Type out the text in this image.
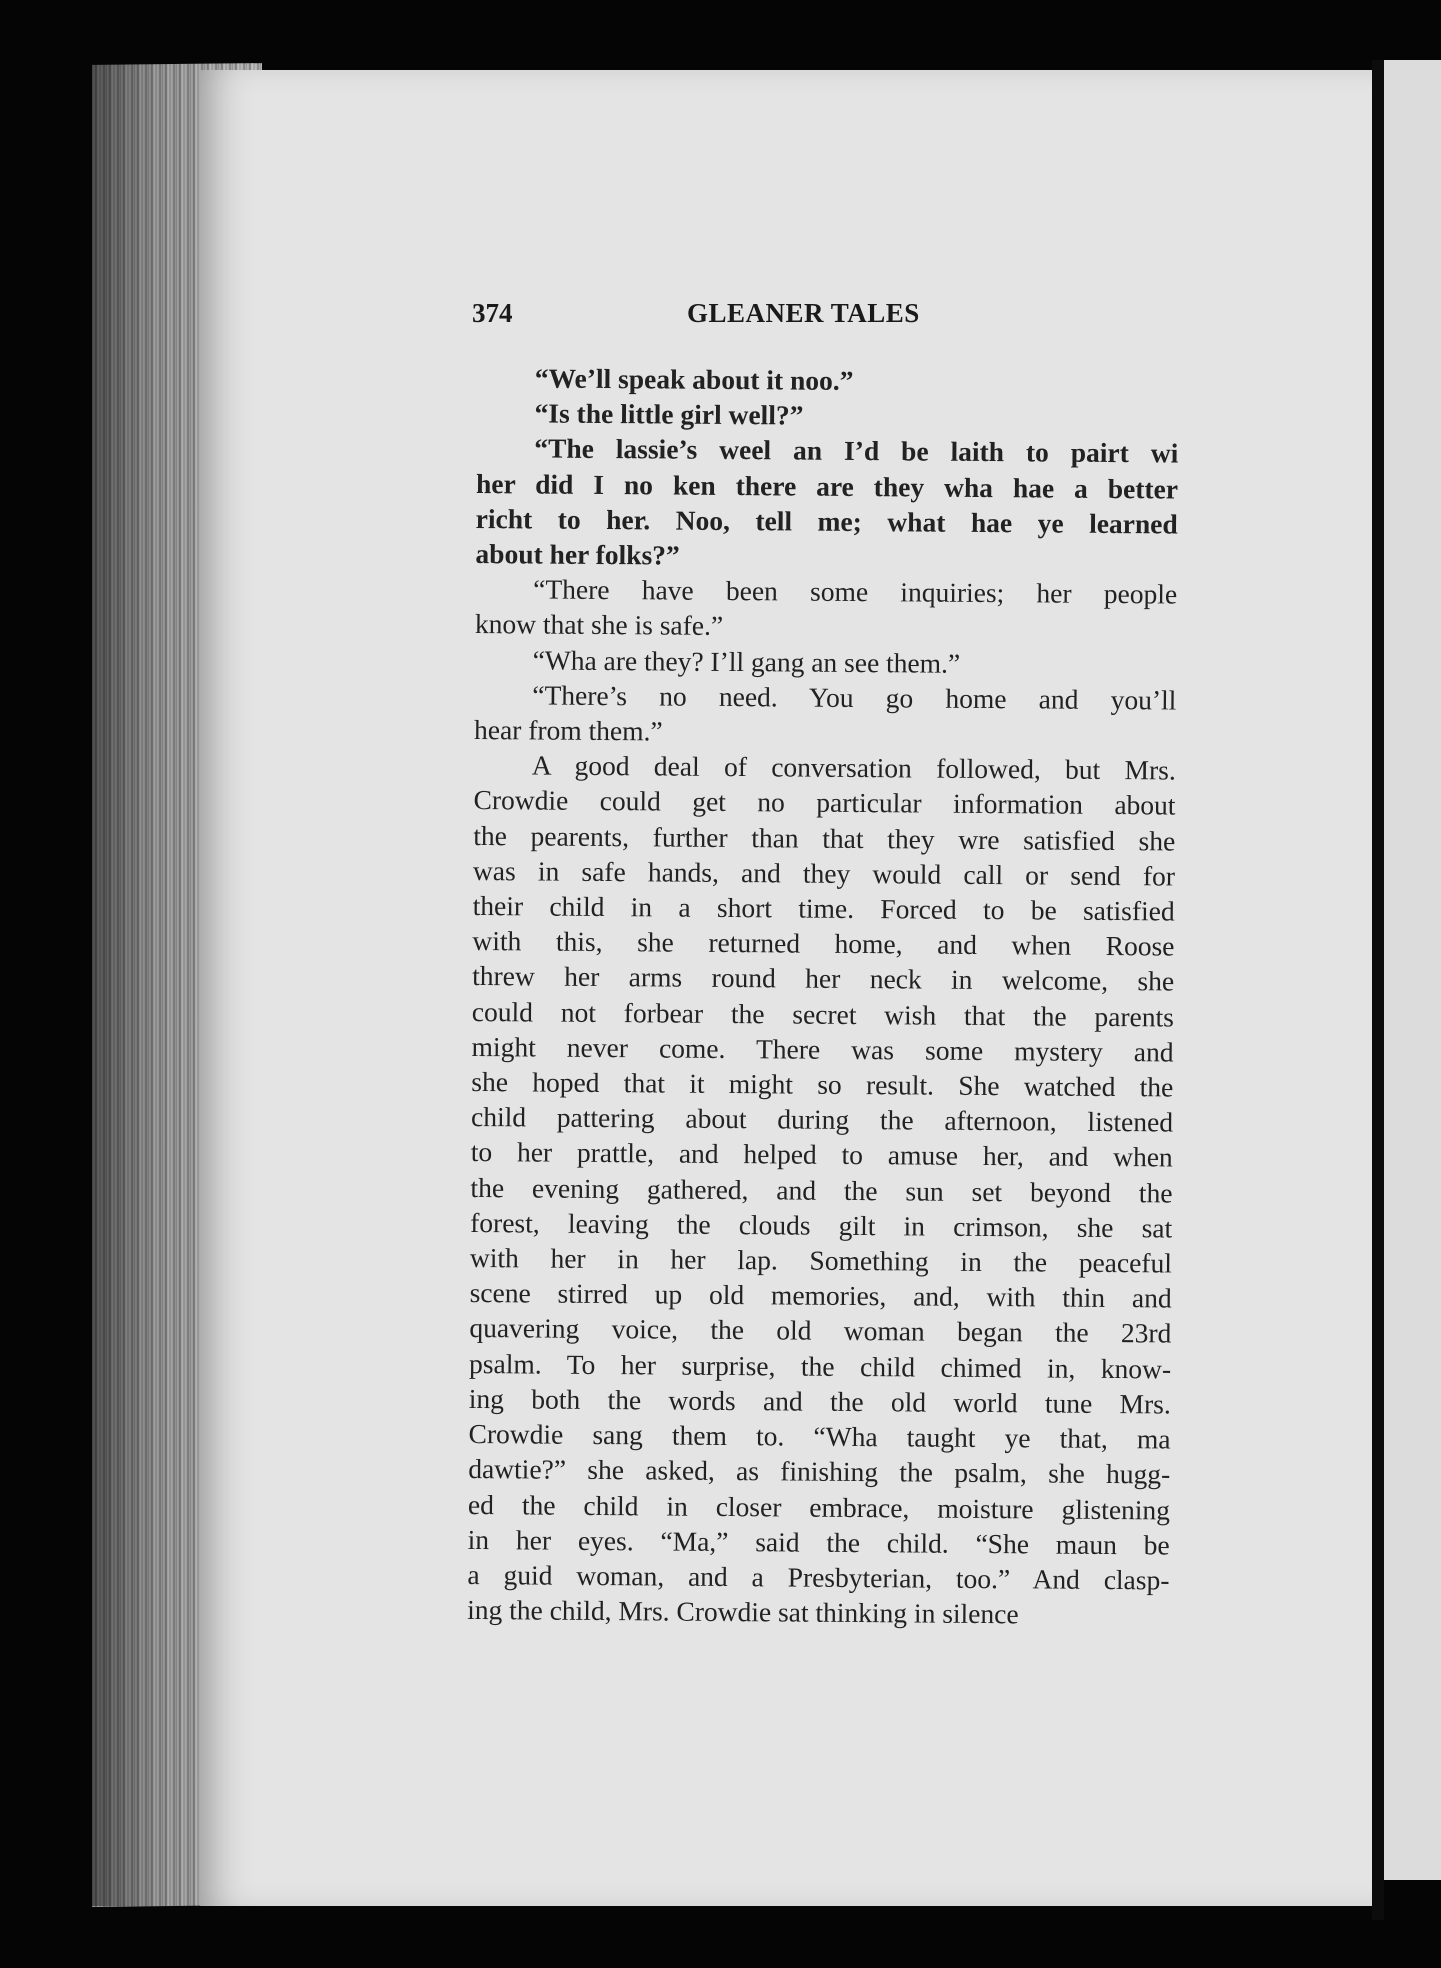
374	GLEANER TALES
“We’ll speak about it noo.”
“Is the little girl well?”
“The lassie’s weel an I’d be laith to pairt wi
her did I no ken there are they wha hae a better
richt to her. Noo, tell me; what hae ye learned
about her folks?”
“There have been some inquiries; her people
know that she is safe.”
“Wha are they? I’ll gang an see them.”
“There’s no need. You go home and you’ll
hear from them.”
A good deal of conversation followed, but Mrs.
Crowdie could get no particular information about
the pearents, further than that they wre satisfied she
was in safe hands, and they would call or send for
their child in a short time. Forced to be satisfied
with this, she returned home, and when Roose
threw her arms round her neck in welcome, she
could not forbear the secret wish that the parents
might never come. There was some mystery and
she hoped that it might so result. She watched the
child pattering about during the afternoon, listened
to her prattle, and helped to amuse her, and when
the evening gathered, and the sun set beyond the
forest, leaving the clouds gilt in crimson, she sat
with her in her lap. Something in the peaceful
scene stirred up old memories, and, with thin and
quavering voice, the old woman began the 23rd
psalm. To her surprise, the child chimed in, know-
ing both the words and the old world tune Mrs.
Crowdie sang them to. “Wha taught ye that, ma
dawtie?” she asked, as finishing the psalm, she hugg-
ed the child in closer embrace, moisture glistening
in her eyes. “Ma,” said the child. “She maun be
a guid woman, and a Presbyterian, too.” And clasp-
ing the child, Mrs. Crowdie sat thinking in silence
